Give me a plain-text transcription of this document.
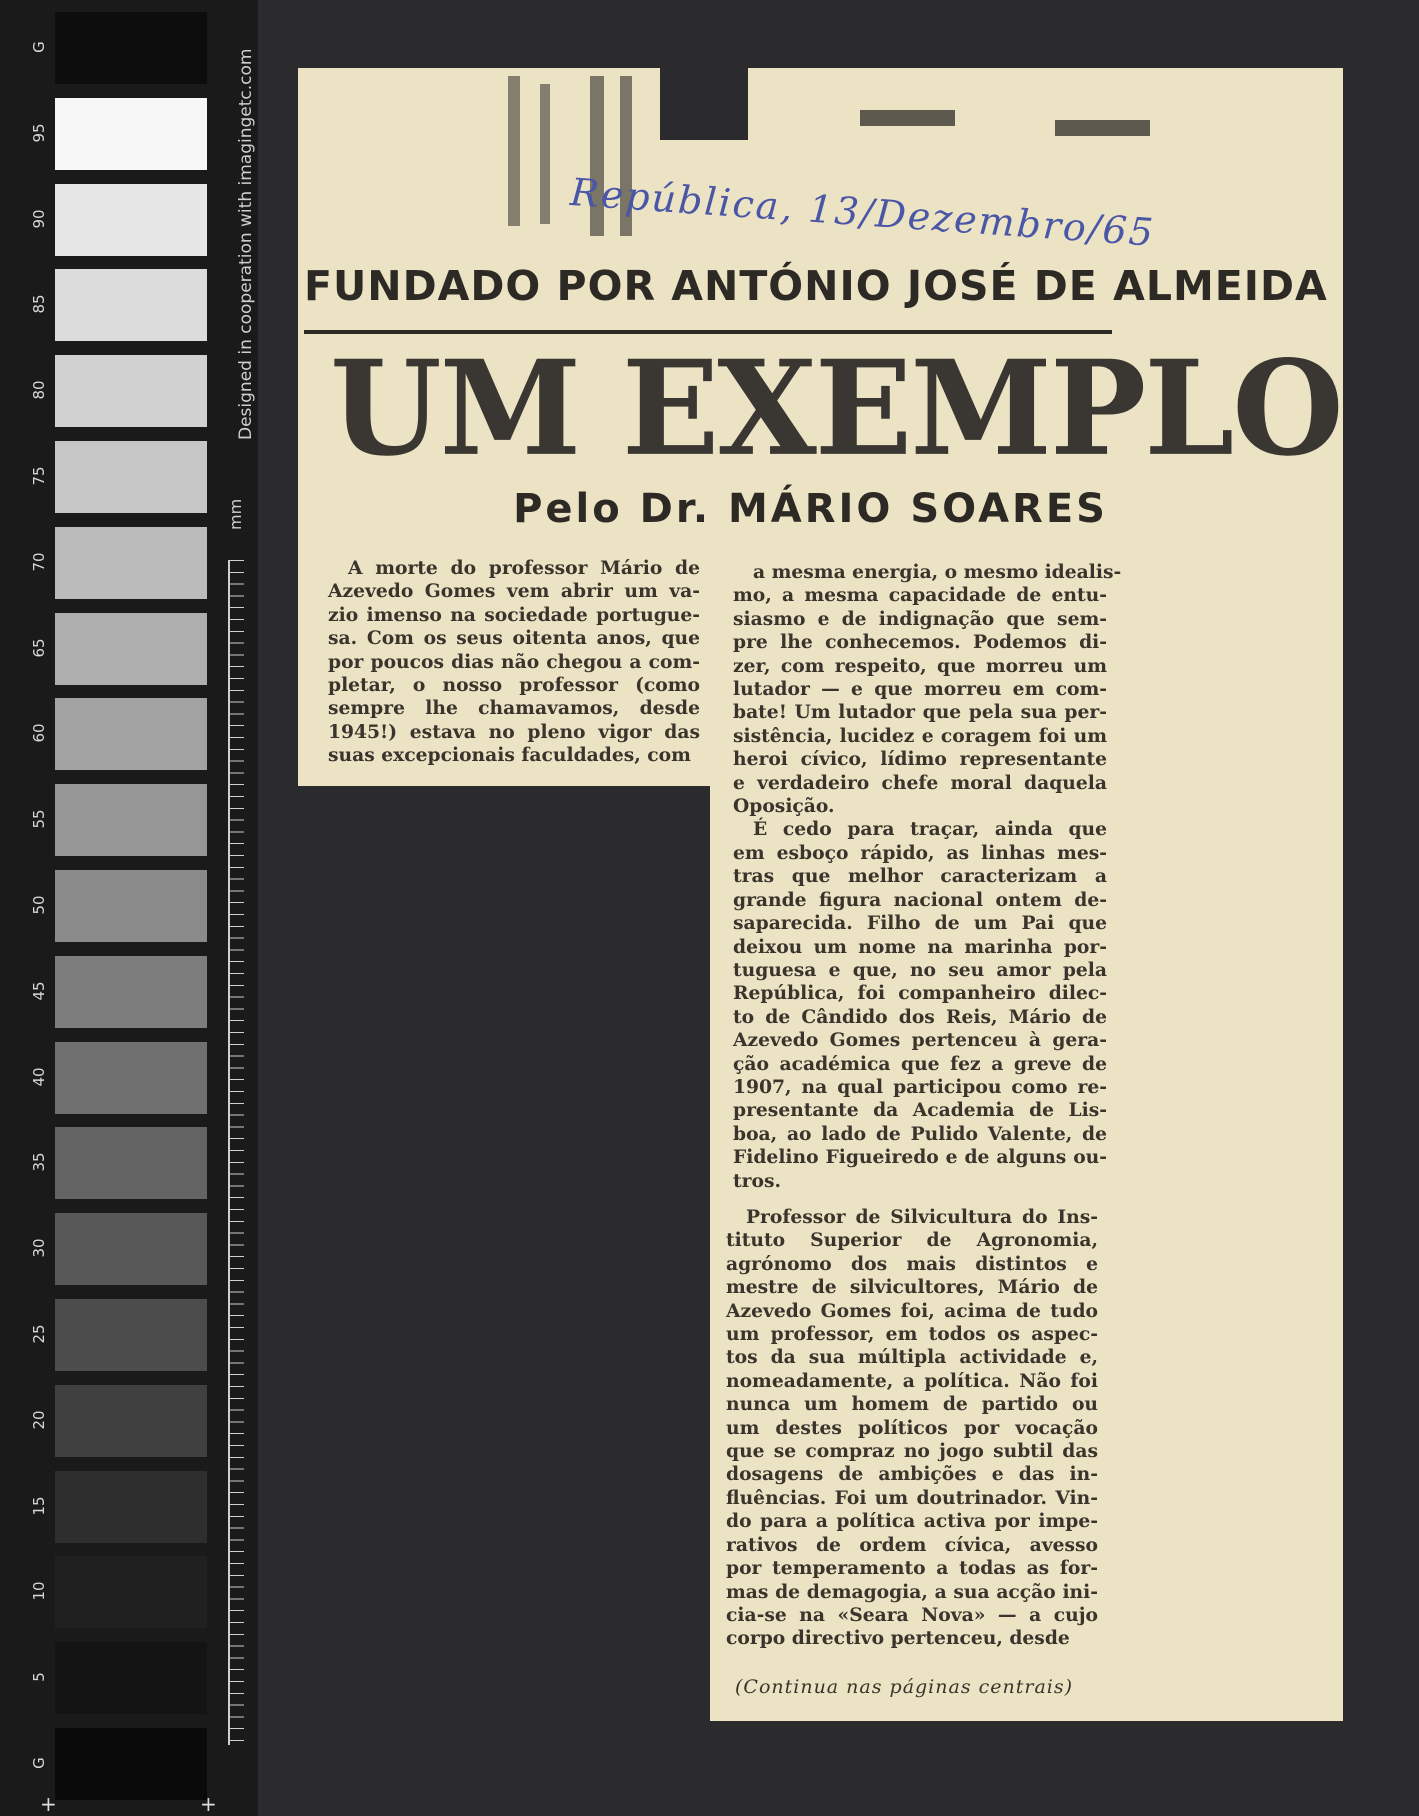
G
95
90
85
80
75
70
65
60
55
50
45
40
35
30
25
20
15
10
5
G
Designed in cooperation with imagingetc.com
mm
+	+
República, 13/Dezembro/65
FUNDADO POR ANTÓNIO JOSÉ DE ALMEIDA
UM EXEMPLO
Pelo Dr. MÁRIO SOARES
A morte do professor Mário de
Azevedo Gomes vem abrir um va-
zio imenso na sociedade portugue-
sa. Com os seus oitenta anos, que
por poucos dias não chegou a com-
pletar, o nosso professor (como
sempre lhe chamavamos, desde
1945!) estava no pleno vigor das
suas excepcionais faculdades, com
a mesma energia, o mesmo idealis-
mo, a mesma capacidade de entu-
siasmo e de indignação que sem-
pre lhe conhecemos. Podemos di-
zer, com respeito, que morreu um
lutador — e que morreu em com-
bate! Um lutador que pela sua per-
sistência, lucidez e coragem foi um
heroi cívico, lídimo representante
e verdadeiro chefe moral daquela
Oposição.
É cedo para traçar, ainda que
em esboço rápido, as linhas mes-
tras que melhor caracterizam a
grande figura nacional ontem de-
saparecida. Filho de um Pai que
deixou um nome na marinha por-
tuguesa e que, no seu amor pela
República, foi companheiro dilec-
to de Cândido dos Reis, Mário de
Azevedo Gomes pertenceu à gera-
ção académica que fez a greve de
1907, na qual participou como re-
presentante da Academia de Lis-
boa, ao lado de Pulido Valente, de
Fidelino Figueiredo e de alguns ou-
tros.
Professor de Silvicultura do Ins-
tituto Superior de Agronomia,
agrónomo dos mais distintos e
mestre de silvicultores, Mário de
Azevedo Gomes foi, acima de tudo
um professor, em todos os aspec-
tos da sua múltipla actividade e,
nomeadamente, a política. Não foi
nunca um homem de partido ou
um destes políticos por vocação
que se compraz no jogo subtil das
dosagens de ambições e das in-
fluências. Foi um doutrinador. Vin-
do para a política activa por impe-
rativos de ordem cívica, avesso
por temperamento a todas as for-
mas de demagogia, a sua acção ini-
cia-se na «Seara Nova» — a cujo
corpo directivo pertenceu, desde
(Continua nas páginas centrais)
